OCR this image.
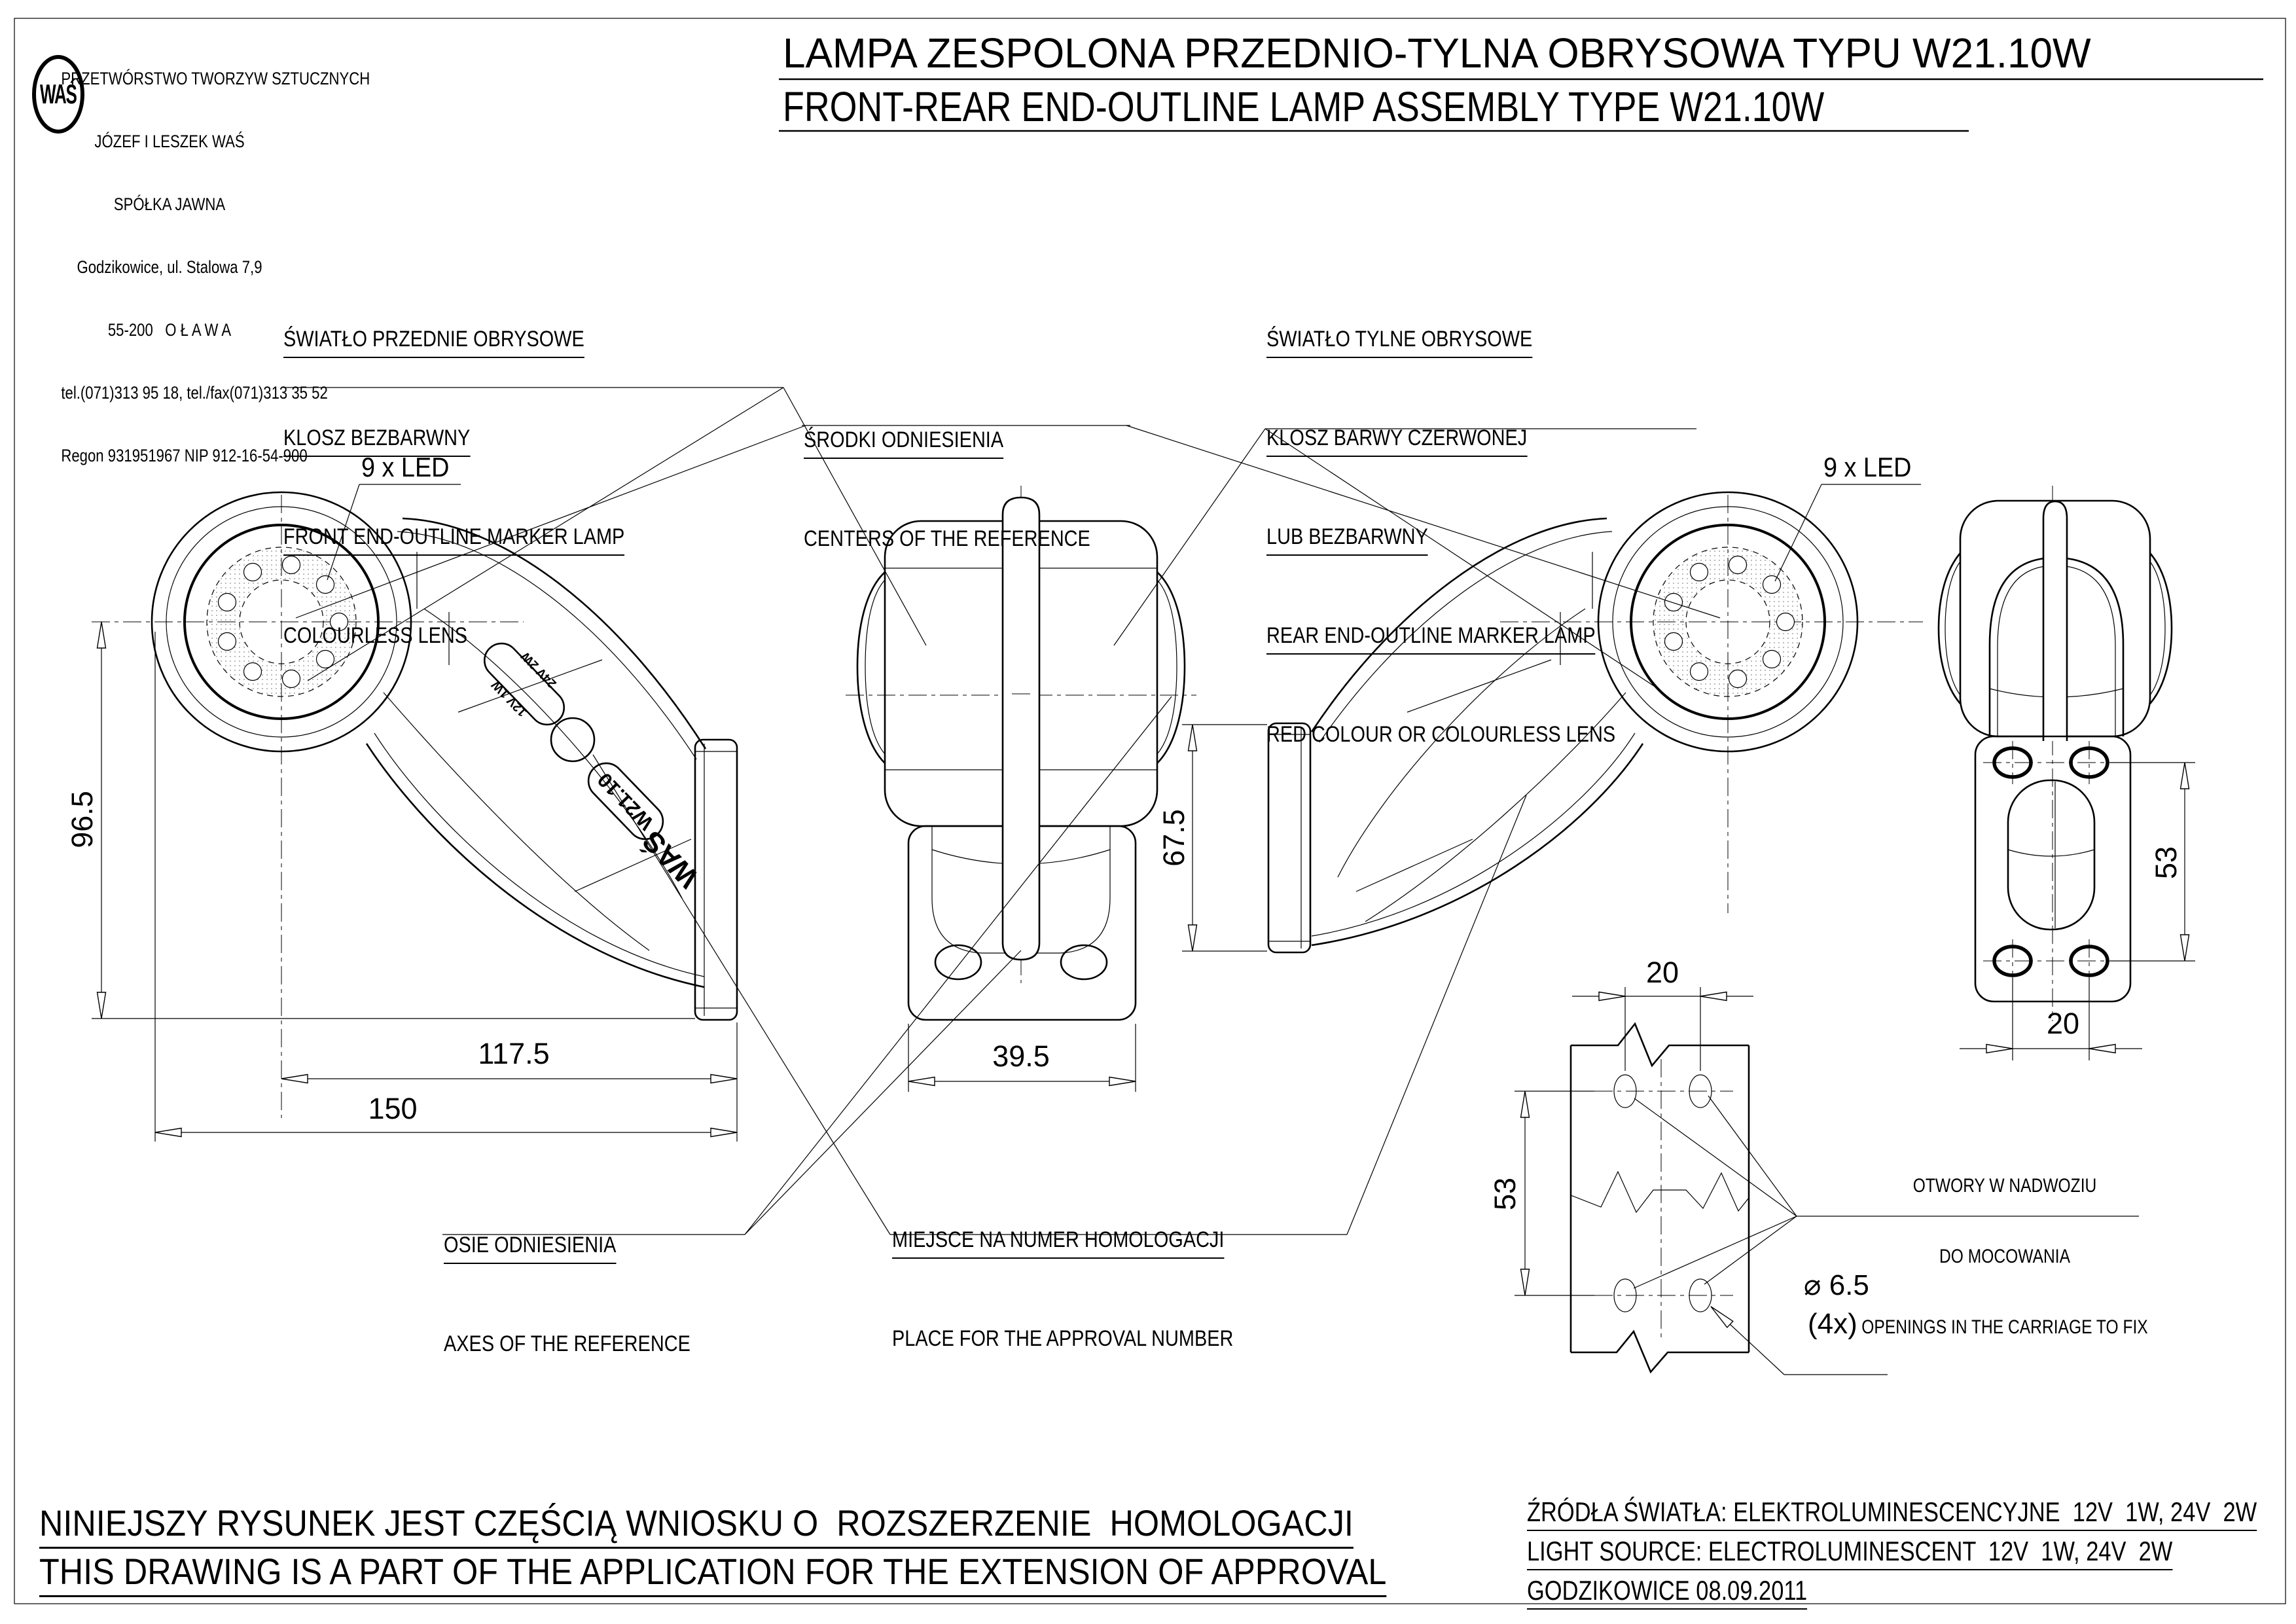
WAŚ

PRZETWÓRSTWO TWORZYW SZTUCZNYCH

JÓZEF I LESZEK WAŚ

SPÓŁKA JAWNA

Godzikowice, ul. Stalowa 7,9

55-200   O Ł A W A

tel.(071)313 95 18, tel./fax(071)313 35 52

Regon 931951967 NIP 912-16-54-900

LAMPA ZESPOLONA PRZEDNIO-TYLNA OBRYSOWA TYPU W21.10W
FRONT-REAR END-OUTLINE LAMP ASSEMBLY TYPE W21.10W

ŚWIATŁO PRZEDNIE OBRYSOWE

KLOSZ BEZBARWNY

FRONT END-OUTLINE MARKER LAMP

COLOURLESS LENS

ŚWIATŁO TYLNE OBRYSOWE

KLOSZ BARWY CZERWONEJ

LUB BEZBARWNY

REAR END-OUTLINE MARKER LAMP

RED COLOUR OR COLOURLESS LENS

ŚRODKI ODNIESIENIA

CENTERS OF THE REFERENCE

OSIE ODNIESIENIA

AXES OF THE REFERENCE

MIEJSCE NA NUMER HOMOLOGACJI

PLACE FOR THE APPROVAL NUMBER

OTWORY W NADWOZIU

DO MOCOWANIA

OPENINGS IN THE CARRIAGE TO FIX

9 x LED	9 x LED
⌀ 6.5
(4x)
96.5
117.5
150
39.5
67.5	53
20
20
53

12V 1W

24V 2W

W21.10
WAŚ
NINIEJSZY RYSUNEK JEST CZĘŚCIĄ WNIOSKU O  ROZSZERZENIE  HOMOLOGACJI
THIS DRAWING IS A PART OF THE APPLICATION FOR THE EXTENSION OF APPROVAL
ŹRÓDŁA ŚWIATŁA: ELEKTROLUMINESCENCYJNE  12V  1W, 24V  2W
LIGHT SOURCE: ELECTROLUMINESCENT  12V  1W, 24V  2W
GODZIKOWICE 08.09.2011
